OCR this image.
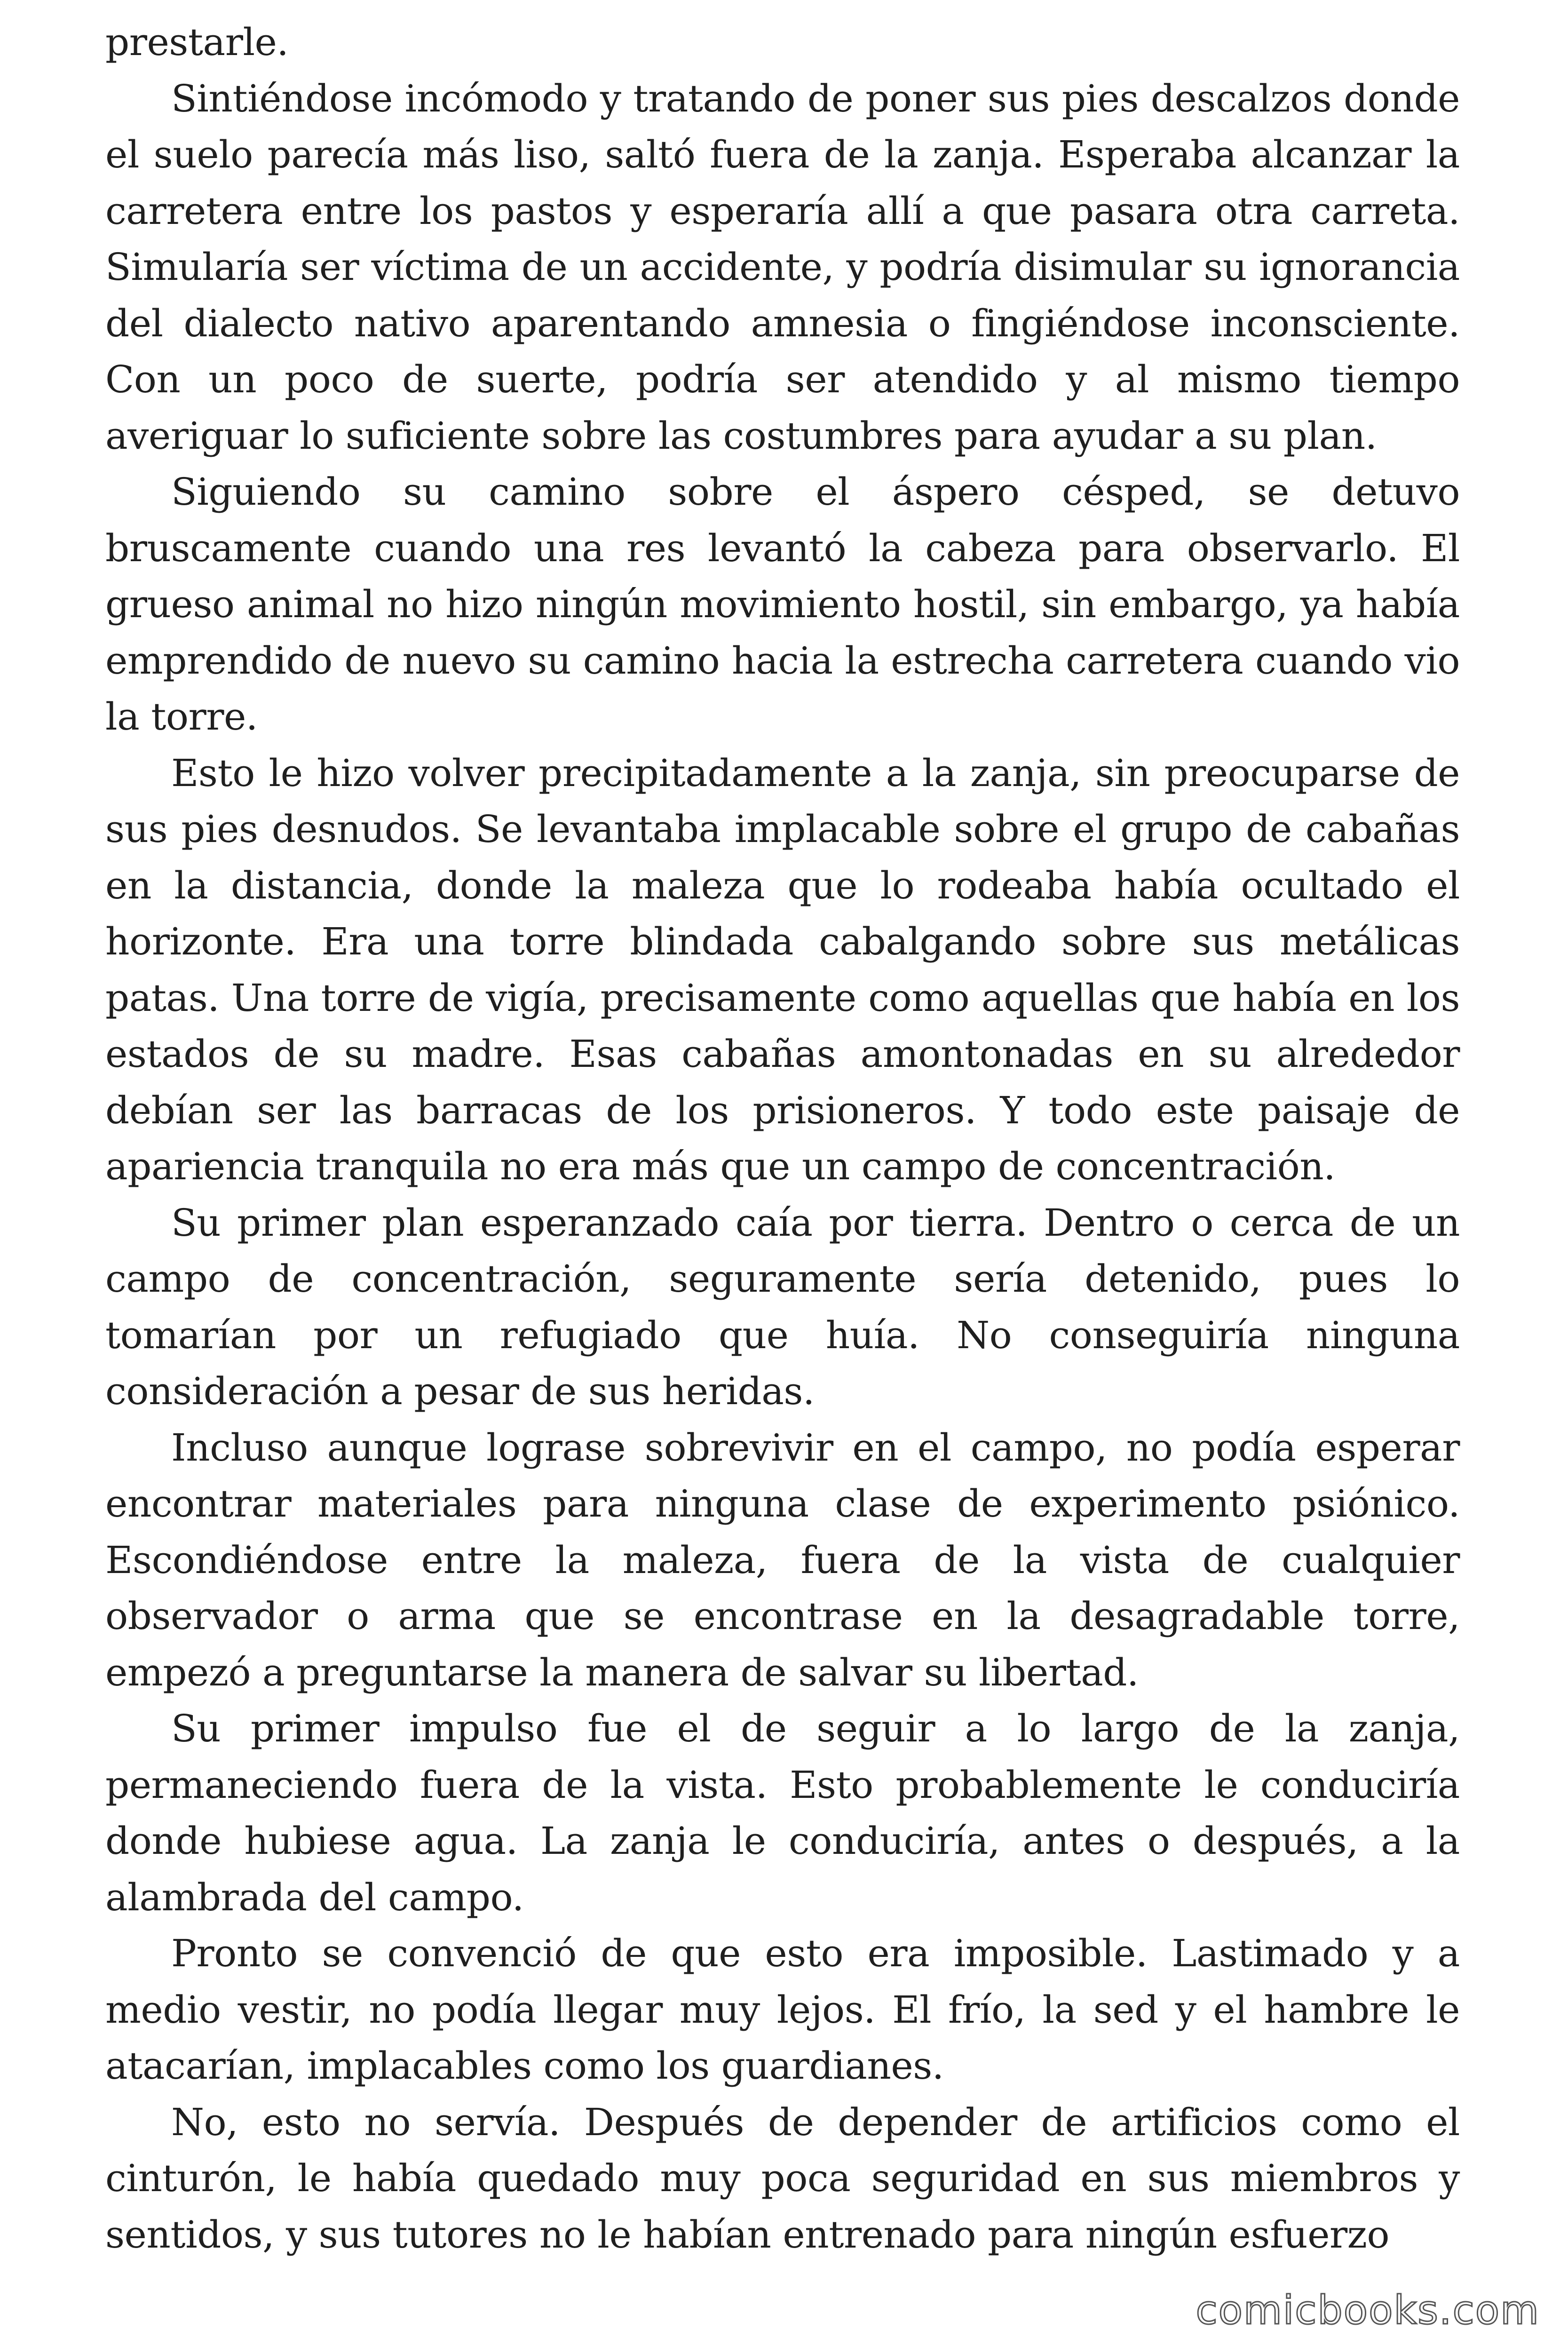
prestarle.

Sintiéndose incómodo y tratando de poner sus pies descalzos donde el suelo parecía más liso, saltó fuera de la zanja. Esperaba alcanzar la carretera entre los pastos y esperaría allí a que pasara otra carreta. Simularía ser víctima de un accidente, y podría disimular su ignorancia del dialecto nativo aparentando amnesia o fingiéndose inconsciente. Con un poco de suerte, podría ser atendido y al mismo tiempo averiguar lo suficiente sobre las costumbres para ayudar a su plan.

Siguiendo su camino sobre el áspero césped, se detuvo bruscamente cuando una res levantó la cabeza para observarlo. El grueso animal no hizo ningún movimiento hostil, sin embargo, ya había emprendido de nuevo su camino hacia la estrecha carretera cuando vio la torre.

Esto le hizo volver precipitadamente a la zanja, sin preocuparse de sus pies desnudos. Se levantaba implacable sobre el grupo de cabañas en la distancia, donde la maleza que lo rodeaba había ocultado el horizonte. Era una torre blindada cabalgando sobre sus metálicas patas. Una torre de vigía, precisamente como aquellas que había en los estados de su madre. Esas cabañas amontonadas en su alrededor debían ser las barracas de los prisioneros. Y todo este paisaje de apariencia tranquila no era más que un campo de concentración.

Su primer plan esperanzado caía por tierra. Dentro o cerca de un campo de concentración, seguramente sería detenido, pues lo tomarían por un refugiado que huía. No conseguiría ninguna consideración a pesar de sus heridas.

Incluso aunque lograse sobrevivir en el campo, no podía esperar encontrar materiales para ninguna clase de experimento psiónico. Escondiéndose entre la maleza, fuera de la vista de cualquier observador o arma que se encontrase en la desagradable torre, empezó a preguntarse la manera de salvar su libertad.

Su primer impulso fue el de seguir a lo largo de la zanja, permaneciendo fuera de la vista. Esto probablemente le conduciría donde hubiese agua. La zanja le conduciría, antes o después, a la alambrada del campo.

Pronto se convenció de que esto era imposible. Lastimado y a medio vestir, no podía llegar muy lejos. El frío, la sed y el hambre le atacarían, implacables como los guardianes.

No, esto no servía. Después de depender de artificios como el cinturón, le había quedado muy poca seguridad en sus miembros y sentidos, y sus tutores no le habían entrenado para ningún esfuerzo

comicbooks.com
